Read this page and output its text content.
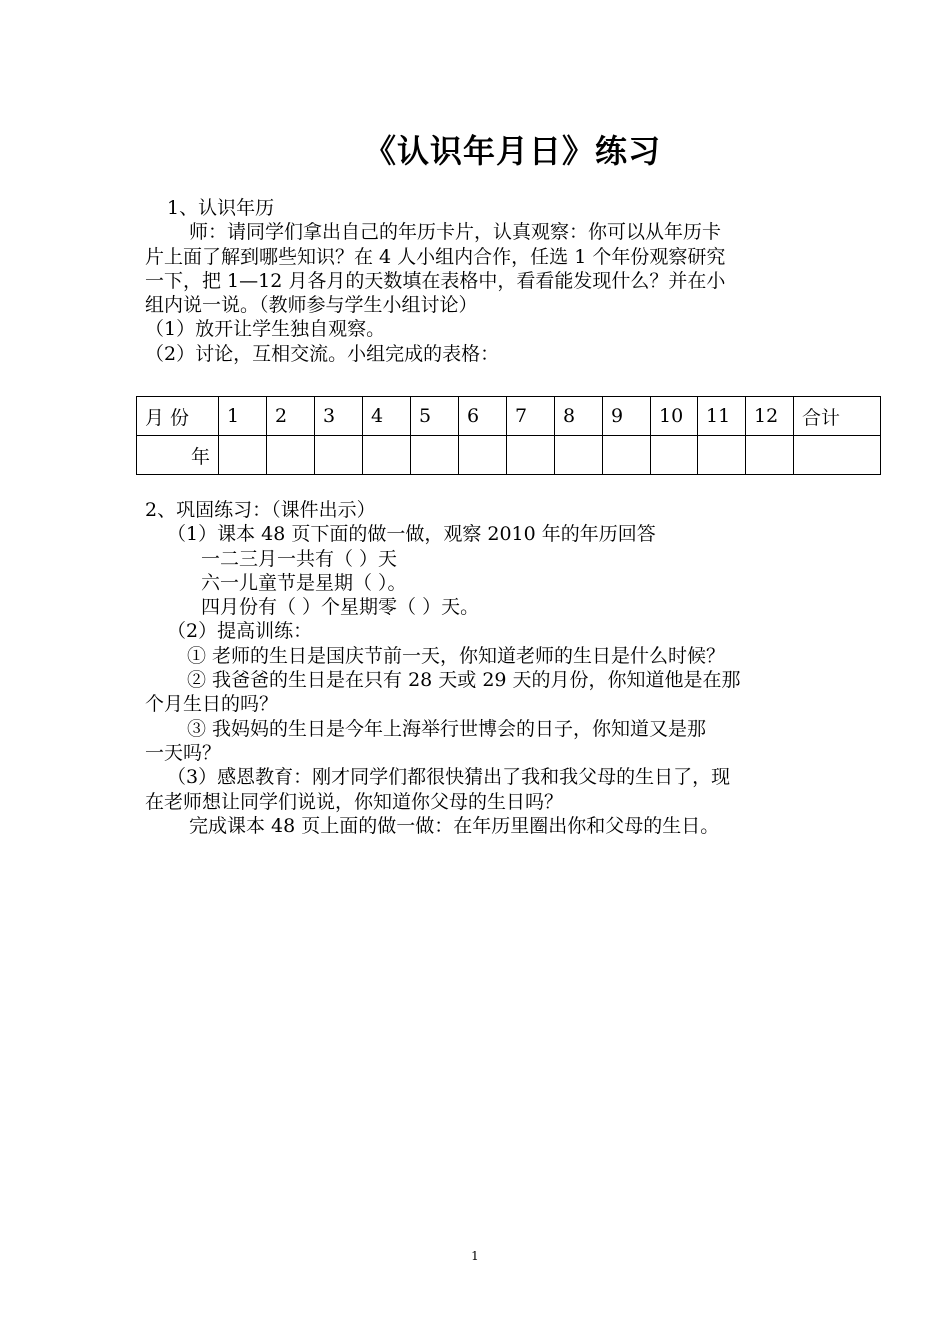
《认识年月日》练习
1、认识年历
师：请同学们拿出自己的年历卡片，认真观察：你可以从年历卡
片上面了解到哪些知识？在 4 人小组内合作，任选 1 个年份观察研究
一下，把 1—12 月各月的天数填在表格中，看看能发现什么？并在小
组内说一说。（教师参与学生小组讨论）
（1）放开让学生独自观察。
（2）讨论，互相交流。小组完成的表格：
月 份	1	2	3	4	5	6	7	8	9	10	11	12	合计
年													
2、巩固练习：（课件出示）
（1）课本 48 页下面的做一做，观察 2010 年的年历回答
一二三月一共有（ ）天
六一儿童节是星期（ ）。
四月份有（ ）个星期零（ ）天。
（2）提高训练：
① 老师的生日是国庆节前一天，你知道老师的生日是什么时候？
② 我爸爸的生日是在只有 28 天或 29 天的月份，你知道他是在那
个月生日的吗？
③ 我妈妈的生日是今年上海举行世博会的日子，你知道又是那
一天吗？
（3）感恩教育：刚才同学们都很快猜出了我和我父母的生日了，现
在老师想让同学们说说，你知道你父母的生日吗？
完成课本 48 页上面的做一做：在年历里圈出你和父母的生日。
1
